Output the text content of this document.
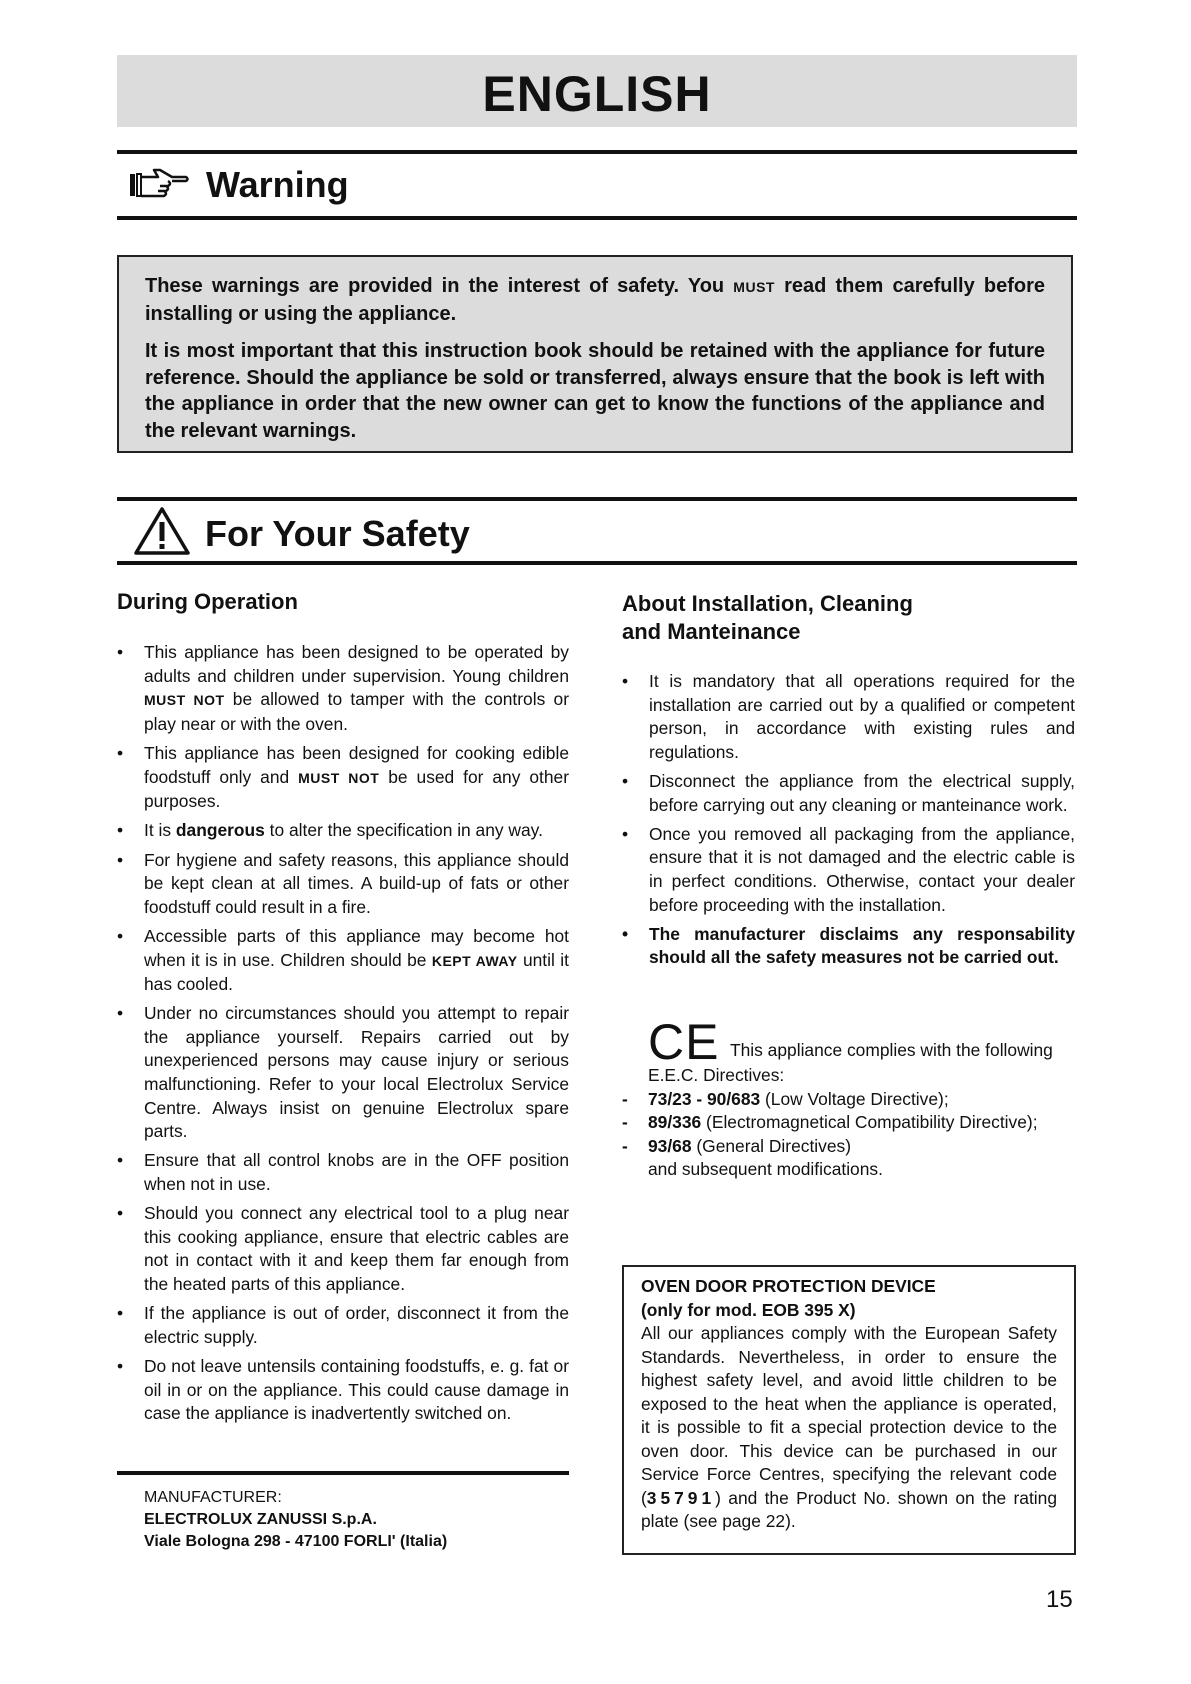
ENGLISH
Warning

These warnings are provided in the interest of safety. You MUST read them carefully before installing or using the appliance.

It is most important that this instruction book should be retained with the appliance for future reference. Should the appliance be sold or transferred, always ensure that the book is left with the appliance in order that the new owner can get to know the functions of the appliance and the relevant warnings.

For Your Safety
During Operation
• This appliance has been designed to be operated by adults and children under supervision. Young children MUST NOT be allowed to tamper with the controls or play near or with the oven.
• This appliance has been designed for cooking edible foodstuff only and MUST NOT be used for any other purposes.
• It is dangerous to alter the specification in any way.
• For hygiene and safety reasons, this appliance should be kept clean at all times. A build-up of fats or other foodstuff could result in a fire.
• Accessible parts of this appliance may become hot when it is in use. Children should be KEPT AWAY until it has cooled.
• Under no circumstances should you attempt to repair the appliance yourself. Repairs carried out by unexperienced persons may cause injury or serious malfunctioning. Refer to your local Electrolux Service Centre. Always insist on genuine Electrolux spare parts.
• Ensure that all control knobs are in the OFF position when not in use.
• Should you connect any electrical tool to a plug near this cooking appliance, ensure that electric cables are not in contact with it and keep them far enough from the heated parts of this appliance.
• If the appliance is out of order, disconnect it from the electric supply.
• Do not leave untensils containing foodstuffs, e. g. fat or oil in or on the appliance. This could cause damage in case the appliance is inadvertently switched on.
MANUFACTURER:
ELECTROLUX ZANUSSI S.p.A.
Viale Bologna 298 - 47100 FORLI' (Italia)
About Installation, Cleaning
and Manteinance
• It is mandatory that all operations required for the installation are carried out by a qualified or competent person, in accordance with existing rules and regulations.
• Disconnect the appliance from the electrical supply, before carrying out any cleaning or manteinance work.
• Once you removed all packaging from the appliance, ensure that it is not damaged and the electric cable is in perfect conditions. Otherwise, contact your dealer before proceeding with the installation.
• The manufacturer disclaims any responsability should all the safety measures not be carried out.
CE This appliance complies with the following
E.E.C. Directives:
- 73/23 - 90/683 (Low Voltage Directive);
- 89/336 (Electromagnetical Compatibility Directive);
- 93/68 (General Directives)
and subsequent modifications.
OVEN DOOR PROTECTION DEVICE
(only for mod. EOB 395 X)
All our appliances comply with the European Safety Standards. Nevertheless, in order to ensure the highest safety level, and avoid little children to be exposed to the heat when the appliance is operated, it is possible to fit a special protection device to the oven door. This device can be purchased in our Service Force Centres, specifying the relevant code (35791) and the Product No. shown on the rating plate (see page 22).
15
